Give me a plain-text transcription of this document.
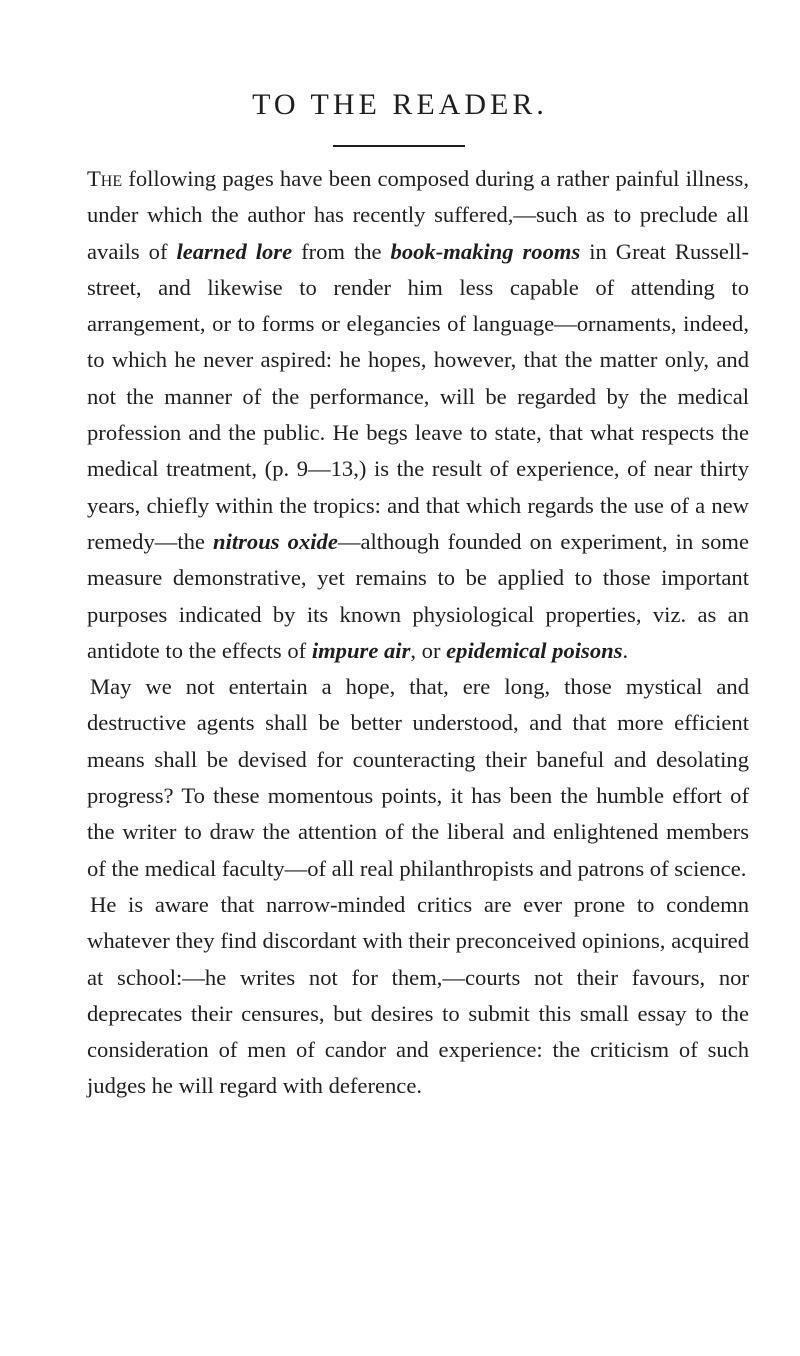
TO THE READER.

The following pages have been composed during a rather painful illness, under which the author has recently suffered,—such as to preclude all avails of learned lore from the book-making rooms in Great Russell-street, and likewise to render him less capable of attending to arrangement, or to forms or elegancies of language—ornaments, indeed, to which he never aspired: he hopes, however, that the matter only, and not the manner of the performance, will be regarded by the medical profession and the public. He begs leave to state, that what respects the medical treatment, (p. 9—13,) is the result of experience, of near thirty years, chiefly within the tropics: and that which regards the use of a new remedy—the nitrous oxide—although founded on experiment, in some measure demonstrative, yet remains to be applied to those important purposes indicated by its known physiological properties, viz. as an antidote to the effects of impure air, or epidemical poisons.

May we not entertain a hope, that, ere long, those mystical and destructive agents shall be better understood, and that more efficient means shall be devised for counteracting their baneful and desolating progress? To these momentous points, it has been the humble effort of the writer to draw the attention of the liberal and enlightened members of the medical faculty—of all real philanthropists and patrons of science.

He is aware that narrow-minded critics are ever prone to condemn whatever they find discordant with their preconceived opinions, acquired at school:—he writes not for them,—courts not their favours, nor deprecates their censures, but desires to submit this small essay to the consideration of men of candor and experience: the criticism of such judges he will regard with deference.
